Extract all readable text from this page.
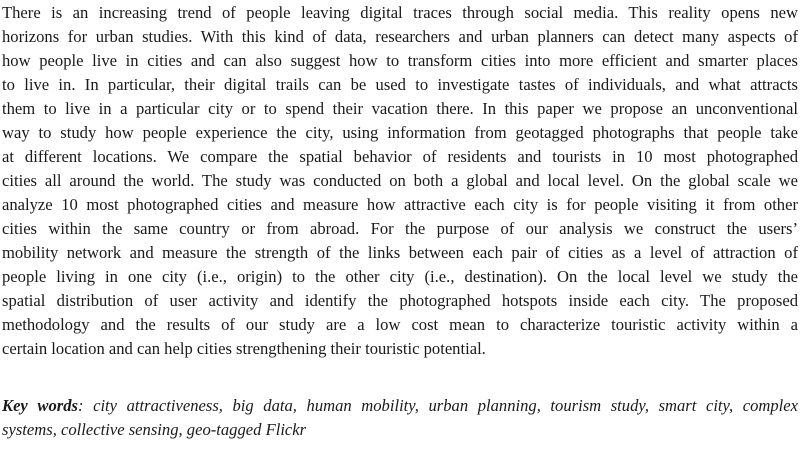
There is an increasing trend of people leaving digital traces through social media. This reality opens new
horizons for urban studies. With this kind of data, researchers and urban planners can detect many aspects of
how people live in cities and can also suggest how to transform cities into more efficient and smarter places
to live in. In particular, their digital trails can be used to investigate tastes of individuals, and what attracts
them to live in a particular city or to spend their vacation there. In this paper we propose an unconventional
way to study how people experience the city, using information from geotagged photographs that people take
at different locations. We compare the spatial behavior of residents and tourists in 10 most photographed
cities all around the world. The study was conducted on both a global and local level. On the global scale we
analyze 10 most photographed cities and measure how attractive each city is for people visiting it from other
cities within the same country or from abroad. For the purpose of our analysis we construct the users’
mobility network and measure the strength of the links between each pair of cities as a level of attraction of
people living in one city (i.e., origin) to the other city (i.e., destination). On the local level we study the
spatial distribution of user activity and identify the photographed hotspots inside each city. The proposed
methodology and the results of our study are a low cost mean to characterize touristic activity within a
certain location and can help cities strengthening their touristic potential.
Key words: city attractiveness, big data, human mobility, urban planning, tourism study, smart city, complex
systems, collective sensing, geo-tagged Flickr
